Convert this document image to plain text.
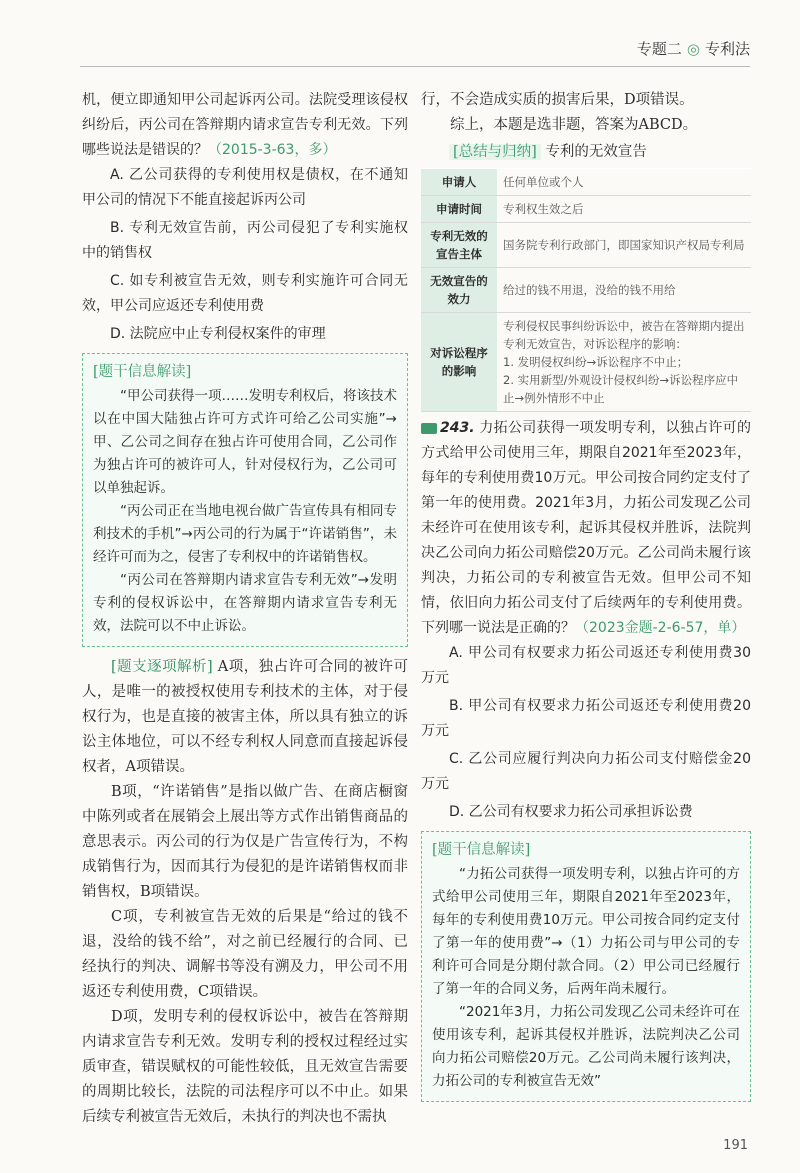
专题二 ◎ 专利法

机，便立即通知甲公司起诉丙公司。法院受理该侵权纠纷后，丙公司在答辩期内请求宣告专利无效。下列哪些说法是错误的？（2015-3-63，多）

A. 乙公司获得的专利使用权是债权，在不通知甲公司的情况下不能直接起诉丙公司

B. 专利无效宣告前，丙公司侵犯了专利实施权中的销售权

C. 如专利被宣告无效，则专利实施许可合同无效，甲公司应返还专利使用费

D. 法院应中止专利侵权案件的审理

[题干信息解读]

“甲公司获得一项……发明专利权后，将该技术以在中国大陆独占许可方式许可给乙公司实施”→甲、乙公司之间存在独占许可使用合同，乙公司作为独占许可的被许可人，针对侵权行为，乙公司可以单独起诉。

“丙公司正在当地电视台做广告宣传具有相同专利技术的手机”→丙公司的行为属于“许诺销售”，未经许可而为之，侵害了专利权中的许诺销售权。

“丙公司在答辩期内请求宣告专利无效”→发明专利的侵权诉讼中，在答辩期内请求宣告专利无效，法院可以不中止诉讼。

[题支逐项解析] A项，独占许可合同的被许可人，是唯一的被授权使用专利技术的主体，对于侵权行为，也是直接的被害主体，所以具有独立的诉讼主体地位，可以不经专利权人同意而直接起诉侵权者，A项错误。

B项，“许诺销售”是指以做广告、在商店橱窗中陈列或者在展销会上展出等方式作出销售商品的意思表示。丙公司的行为仅是广告宣传行为，不构成销售行为，因而其行为侵犯的是许诺销售权而非销售权，B项错误。

C项，专利被宣告无效的后果是“给过的钱不退，没给的钱不给”，对之前已经履行的合同、已经执行的判决、调解书等没有溯及力，甲公司不用返还专利使用费，C项错误。

D项，发明专利的侵权诉讼中，被告在答辩期内请求宣告专利无效。发明专利的授权过程经过实质审查，错误赋权的可能性较低，且无效宣告需要的周期比较长，法院的司法程序可以不中止。如果后续专利被宣告无效后，未执行的判决也不需执

行，不会造成实质的损害后果，D项错误。

综上，本题是选非题，答案为ABCD。

[总结与归纳] 专利的无效宣告
申请人	任何单位或个人
申请时间	专利权生效之后
专利无效的宣告主体	国务院专利行政部门，即国家知识产权局专利局
无效宣告的效力	给过的钱不用退，没给的钱不用给
对诉讼程序的影响	专利侵权民事纠纷诉讼中，被告在答辩期内提出专利无效宣告，对诉讼程序的影响：
1. 发明侵权纠纷→诉讼程序不中止；
2. 实用新型/外观设计侵权纠纷→诉讼程序应中止→例外情形不中止

243. 力拓公司获得一项发明专利，以独占许可的方式给甲公司使用三年，期限自2021年至2023年，每年的专利使用费10万元。甲公司按合同约定支付了第一年的使用费。2021年3月，力拓公司发现乙公司未经许可在使用该专利，起诉其侵权并胜诉，法院判决乙公司向力拓公司赔偿20万元。乙公司尚未履行该判决，力拓公司的专利被宣告无效。但甲公司不知情，依旧向力拓公司支付了后续两年的专利使用费。下列哪一说法是正确的？（2023金题-2-6-57，单）

A. 甲公司有权要求力拓公司返还专利使用费30万元

B. 甲公司有权要求力拓公司返还专利使用费20万元

C. 乙公司应履行判决向力拓公司支付赔偿金20万元

D. 乙公司有权要求力拓公司承担诉讼费

[题干信息解读]

“力拓公司获得一项发明专利，以独占许可的方式给甲公司使用三年，期限自2021年至2023年，每年的专利使用费10万元。甲公司按合同约定支付了第一年的使用费”→（1）力拓公司与甲公司的专利许可合同是分期付款合同。（2）甲公司已经履行了第一年的合同义务，后两年尚未履行。

“2021年3月，力拓公司发现乙公司未经许可在使用该专利，起诉其侵权并胜诉，法院判决乙公司向力拓公司赔偿20万元。乙公司尚未履行该判决，力拓公司的专利被宣告无效”

191
